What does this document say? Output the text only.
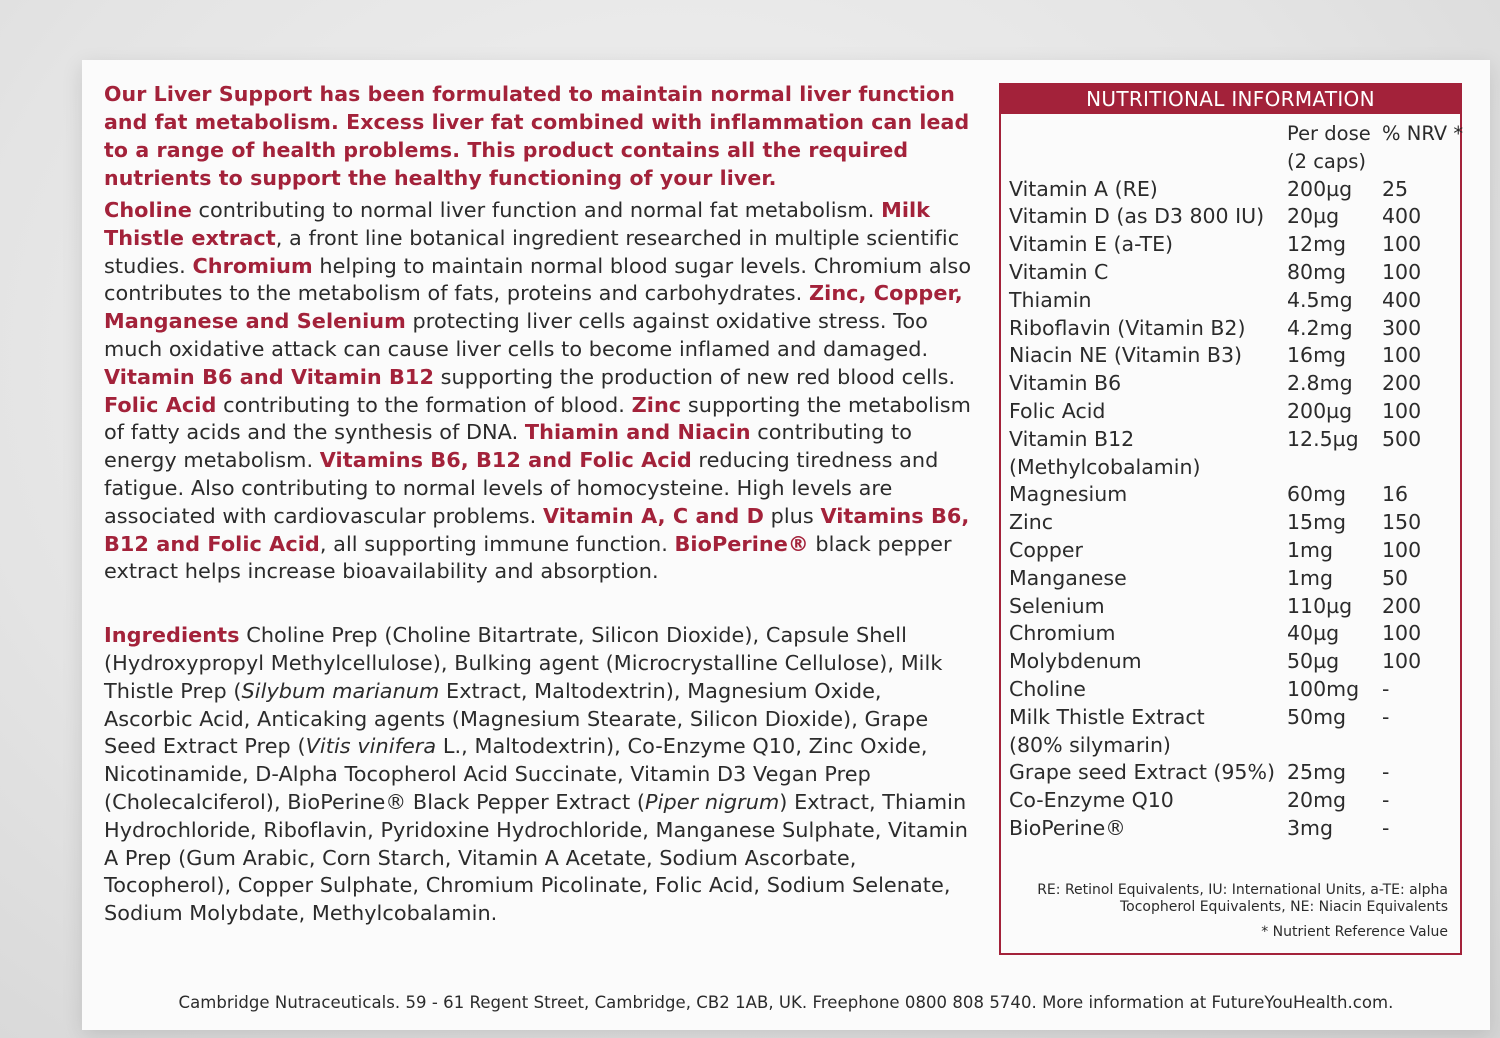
Our Liver Support has been formulated to maintain normal liver function and fat metabolism. Excess liver fat combined with inflammation can lead to a range of health problems. This product contains all the required nutrients to support the healthy functioning of your liver.

Choline contributing to normal liver function and normal fat metabolism. Milk Thistle extract, a front line botanical ingredient researched in multiple scientific studies. Chromium helping to maintain normal blood sugar levels. Chromium also contributes to the metabolism of fats, proteins and carbohydrates. Zinc, Copper, Manganese and Selenium protecting liver cells against oxidative stress. Too much oxidative attack can cause liver cells to become inflamed and damaged. Vitamin B6 and Vitamin B12 supporting the production of new red blood cells. Folic Acid contributing to the formation of blood. Zinc supporting the metabolism of fatty acids and the synthesis of DNA. Thiamin and Niacin contributing to energy metabolism. Vitamins B6, B12 and Folic Acid reducing tiredness and fatigue. Also contributing to normal levels of homocysteine. High levels are associated with cardiovascular problems. Vitamin A, C and D plus Vitamins B6, B12 and Folic Acid, all supporting immune function. BioPerine® black pepper extract helps increase bioavailability and absorption.

Ingredients Choline Prep (Choline Bitartrate, Silicon Dioxide), Capsule Shell (Hydroxypropyl Methylcellulose), Bulking agent (Microcrystalline Cellulose), Milk Thistle Prep (Silybum marianum Extract, Maltodextrin), Magnesium Oxide, Ascorbic Acid, Anticaking agents (Magnesium Stearate, Silicon Dioxide), Grape Seed Extract Prep (Vitis vinifera L., Maltodextrin), Co-Enzyme Q10, Zinc Oxide, Nicotinamide, D-Alpha Tocopherol Acid Succinate, Vitamin D3 Vegan Prep (Cholecalciferol), BioPerine® Black Pepper Extract (Piper nigrum) Extract, Thiamin Hydrochloride, Riboflavin, Pyridoxine Hydrochloride, Manganese Sulphate, Vitamin A Prep (Gum Arabic, Corn Starch, Vitamin A Acetate, Sodium Ascorbate, Tocopherol), Copper Sulphate, Chromium Picolinate, Folic Acid, Sodium Selenate, Sodium Molybdate, Methylcobalamin.

NUTRITIONAL INFORMATION
Per dose % NRV *
(2 caps)
Vitamin A (RE)	200µg	25
Vitamin D (as D3 800 IU)	20µg	400
Vitamin E (a-TE)	12mg	100
Vitamin C	80mg	100
Thiamin	4.5mg	400
Riboflavin (Vitamin B2)	4.2mg	300
Niacin NE (Vitamin B3)	16mg	100
Vitamin B6	2.8mg	200
Folic Acid	200µg	100
Vitamin B12	12.5µg	500
(Methylcobalamin)
Magnesium	60mg	16
Zinc	15mg	150
Copper	1mg	100
Manganese	1mg	50
Selenium	110µg	200
Chromium	40µg	100
Molybdenum	50µg	100
Choline	100mg	-
Milk Thistle Extract	50mg	-
(80% silymarin)
Grape seed Extract (95%) 25mg	-
Co-Enzyme Q10	20mg	-
BioPerine®	3mg	-
RE: Retinol Equivalents, IU: International Units, a-TE: alpha
Tocopherol Equivalents, NE: Niacin Equivalents
* Nutrient Reference Value
Cambridge Nutraceuticals. 59 - 61 Regent Street, Cambridge, CB2 1AB, UK. Freephone 0800 808 5740. More information at FutureYouHealth.com.
